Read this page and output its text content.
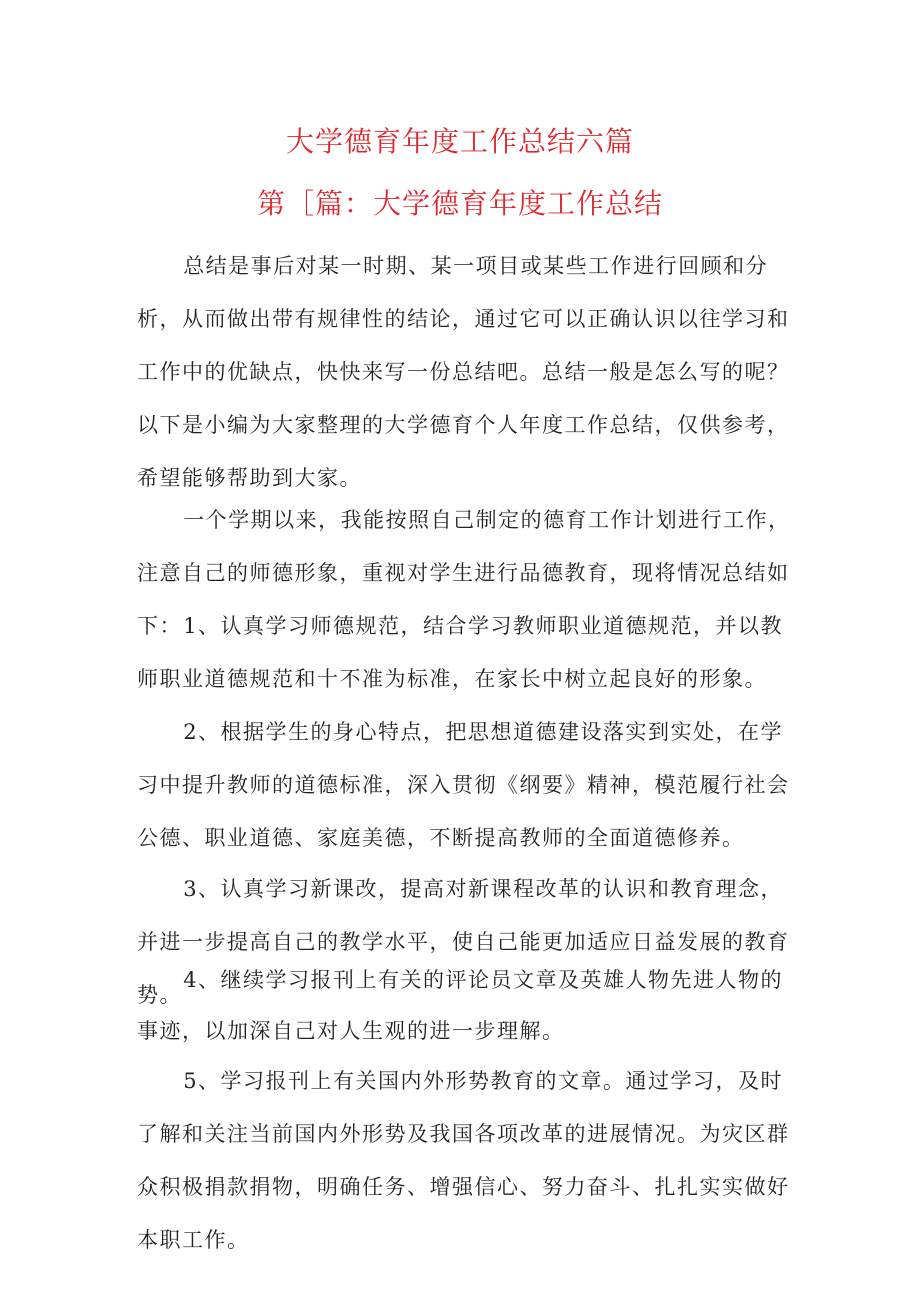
大学德育年度工作总结六篇
第［篇：大学德育年度工作总结

总结是事后对某一时期、某一项目或某些工作进行回顾和分析，从而做出带有规律性的结论，通过它可以正确认识以往学习和工作中的优缺点，快快来写一份总结吧。总结一般是怎么写的呢？以下是小编为大家整理的大学德育个人年度工作总结，仅供参考，希望能够帮助到大家。

一个学期以来，我能按照自己制定的德育工作计划进行工作，注意自己的师德形象，重视对学生进行品德教育，现将情况总结如下： 1、认真学习师德规范，结合学习教师职业道德规范，并以教师职业道德规范和十不准为标准，在家长中树立起良好的形象。

2、根据学生的身心特点，把思想道德建设落实到实处，在学习中提升教师的道德标准，深入贯彻《纲要》精神，模范履行社会公德、职业道德、家庭美德，不断提高教师的全面道德修养。

3、认真学习新课改，提高对新课程改革的认识和教育理念，并进一步提高自己的教学水平，使自己能更加适应日益发展的教育势。

4、继续学习报刊上有关的评论员文章及英雄人物先进人物的事迹，以加深自己对人生观的进一步理解。

5、学习报刊上有关国内外形势教育的文章。通过学习，及时了解和关注当前国内外形势及我国各项改革的进展情况。为灾区群众积极捐款捐物，明确任务、增强信心、努力奋斗、扎扎实实做好本职工作。
